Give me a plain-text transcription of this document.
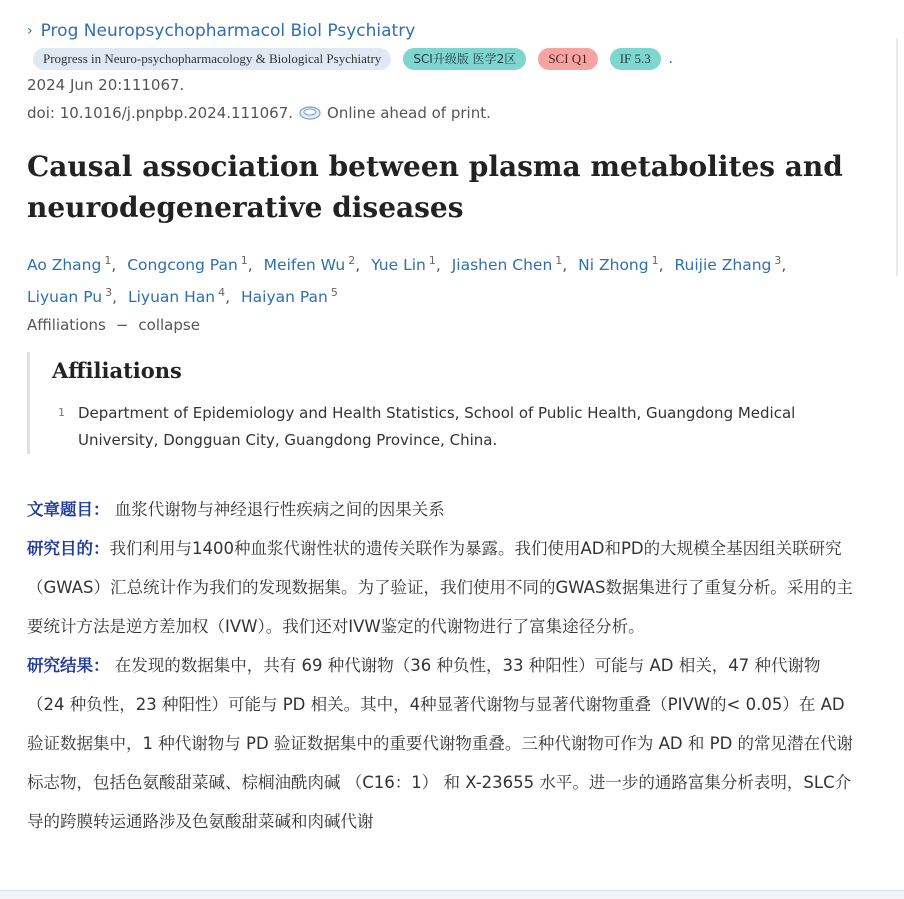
› Prog Neuropsychopharmacol Biol Psychiatry
Progress in Neuro-psychopharmacology & Biological Psychiatry	SCI升级版 医学2区	SCI Q1	IF 5.3	.
2024 Jun 20:111067.
doi: 10.1016/j.pnpbp.2024.111067. Online ahead of print.
Causal association between plasma metabolites and neurodegenerative diseases
Ao Zhang $^1$, Congcong Pan $^1$, Meifen Wu $^2$, Yue Lin $^1$, Jiashen Chen $^1$, Ni Zhong $^1$, Ruijie Zhang $^3$,
Liyuan Pu $^3$, Liyuan Han $^4$, Haiyan Pan $^5$
Affiliations − collapse
Affiliations
1 Department of Epidemiology and Health Statistics, School of Public Health, Guangdong Medical University, Dongguan City, Guangdong Province, China.

文章题目： 血浆代谢物与神经退行性疾病之间的因果关系

研究目的：我们利用与1400种血浆代谢性状的遗传关联作为暴露。我们使用AD和PD的大规模全基因组关联研究（GWAS）汇总统计作为我们的发现数据集。为了验证，我们使用不同的GWAS数据集进行了重复分析。采用的主要统计方法是逆方差加权（IVW）。我们还对IVW鉴定的代谢物进行了富集途径分析。

研究结果： 在发现的数据集中，共有 69 种代谢物（36 种负性，33 种阳性）可能与 AD 相关，47 种代谢物（24 种负性，23 种阳性）可能与 PD 相关。其中，4种显著代谢物与显著代谢物重叠（PIVW的< 0.05）在 AD 验证数据集中，1 种代谢物与 PD 验证数据集中的重要代谢物重叠。三种代谢物可作为 AD 和 PD 的常见潜在代谢标志物，包括色氨酸甜菜碱、棕榈油酰肉碱 （C16：1） 和 X-23655 水平。进一步的通路富集分析表明，SLC介导的跨膜转运通路涉及色氨酸甜菜碱和肉碱代谢
